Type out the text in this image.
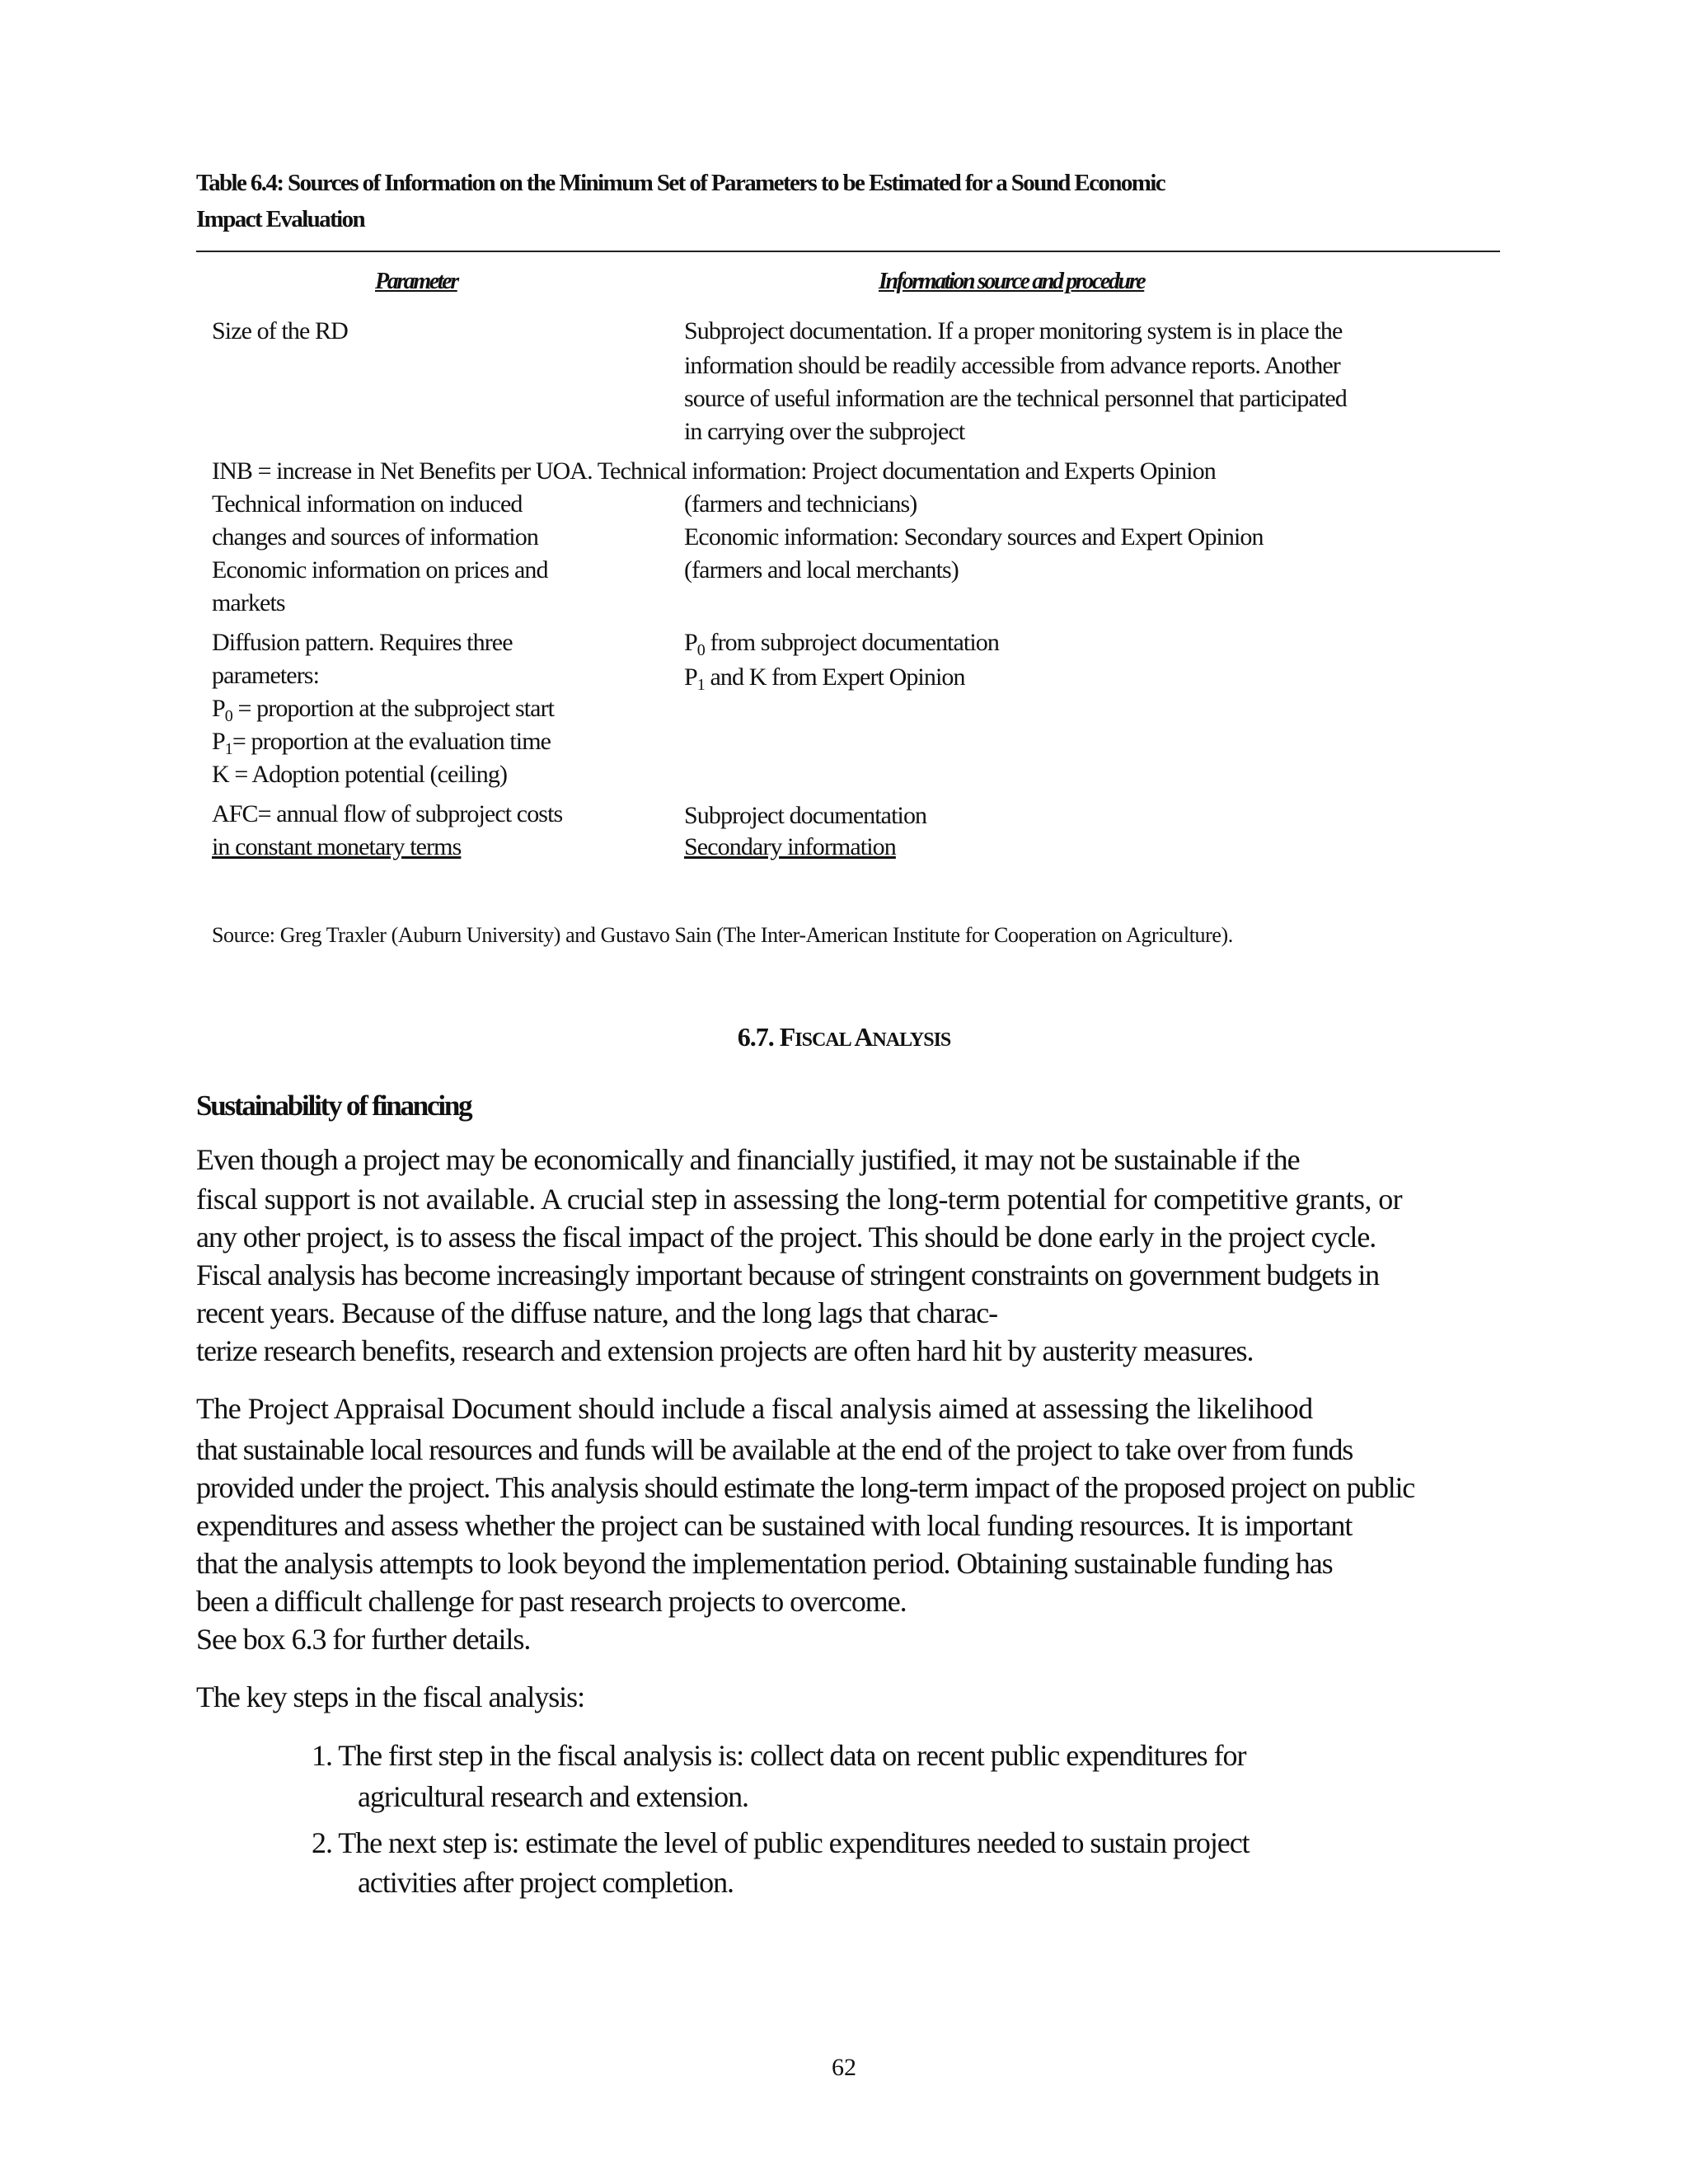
Table 6.4: Sources of Information on the Minimum Set of Parameters to be Estimated for a Sound Economic
Impact Evaluation
Parameter	Information source and procedure
Size of the RD	Subproject documentation. If a proper monitoring system is in place the
information should be readily accessible from advance reports. Another
source of useful information are the technical personnel that participated
in carrying over the subproject
INB = increase in Net Benefits per UOA. Technical information: Project documentation and Experts Opinion
Technical information on induced
changes and sources of information
Economic information on prices and
markets
(farmers and technicians)
Economic information: Secondary sources and Expert Opinion
(farmers and local merchants)
Diffusion pattern. Requires three
parameters:
$P_0$ = proportion at the subproject start
$P_1=$ proportion at the evaluation time
K = Adoption potential (ceiling)
$P_0$ from subproject documentation
$P_1$ and K from Expert Opinion
AFC= annual flow of subproject costs
in constant monetary terms
Subproject documentation
Secondary information
Source: Greg Traxler (Auburn University) and Gustavo Sain (The Inter-American Institute for Cooperation on Agriculture).
6.7. FISCAL ANALYSIS
Sustainability of financing
Even though a project may be economically and financially justified, it may not be sustainable if the
fiscal support is not available. A crucial step in assessing the long-term potential for competitive grants, or
any other project, is to assess the fiscal impact of the project. This should be done early in the project cycle.
Fiscal analysis has become increasingly important because of stringent constraints on government budgets in
recent years. Because of the diffuse nature, and the long lags that charac-
terize research benefits, research and extension projects are often hard hit by austerity measures.
The Project Appraisal Document should include a fiscal analysis aimed at assessing the likelihood
that sustainable local resources and funds will be available at the end of the project to take over from funds
provided under the project. This analysis should estimate the long-term impact of the proposed project on public
expenditures and assess whether the project can be sustained with local funding resources. It is important
that the analysis attempts to look beyond the implementation period. Obtaining sustainable funding has
been a difficult challenge for past research projects to overcome.
See box 6.3 for further details.
The key steps in the fiscal analysis:
1. The first step in the fiscal analysis is: collect data on recent public expenditures for
agricultural research and extension.
2. The next step is: estimate the level of public expenditures needed to sustain project
activities after project completion.
62
